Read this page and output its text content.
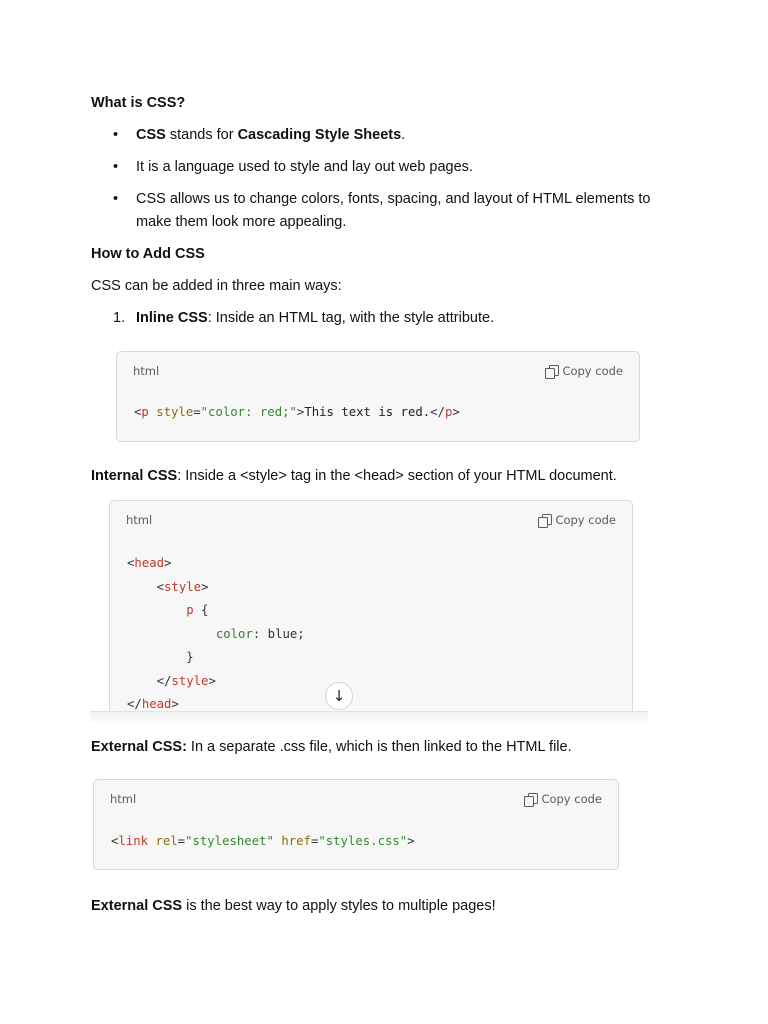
What is CSS?
• CSS stands for Cascading Style Sheets.
• It is a language used to style and lay out web pages.
• CSS allows us to change colors, fonts, spacing, and layout of HTML elements to make them look more appealing.
How to Add CSS

CSS can be added in three main ways:

1. Inline CSS: Inside an HTML tag, with the style attribute.
html	Copy code
<p style="color: red;">This text is red.</p>

Internal CSS: Inside a <style> tag in the <head> section of your HTML document.

html	Copy code
<head>
<style>
p {
color: blue;
}
</style>
</head>	↓

External CSS: In a separate .css file, which is then linked to the HTML file.

html	Copy code
<link rel="stylesheet" href="styles.css">

External CSS is the best way to apply styles to multiple pages!
